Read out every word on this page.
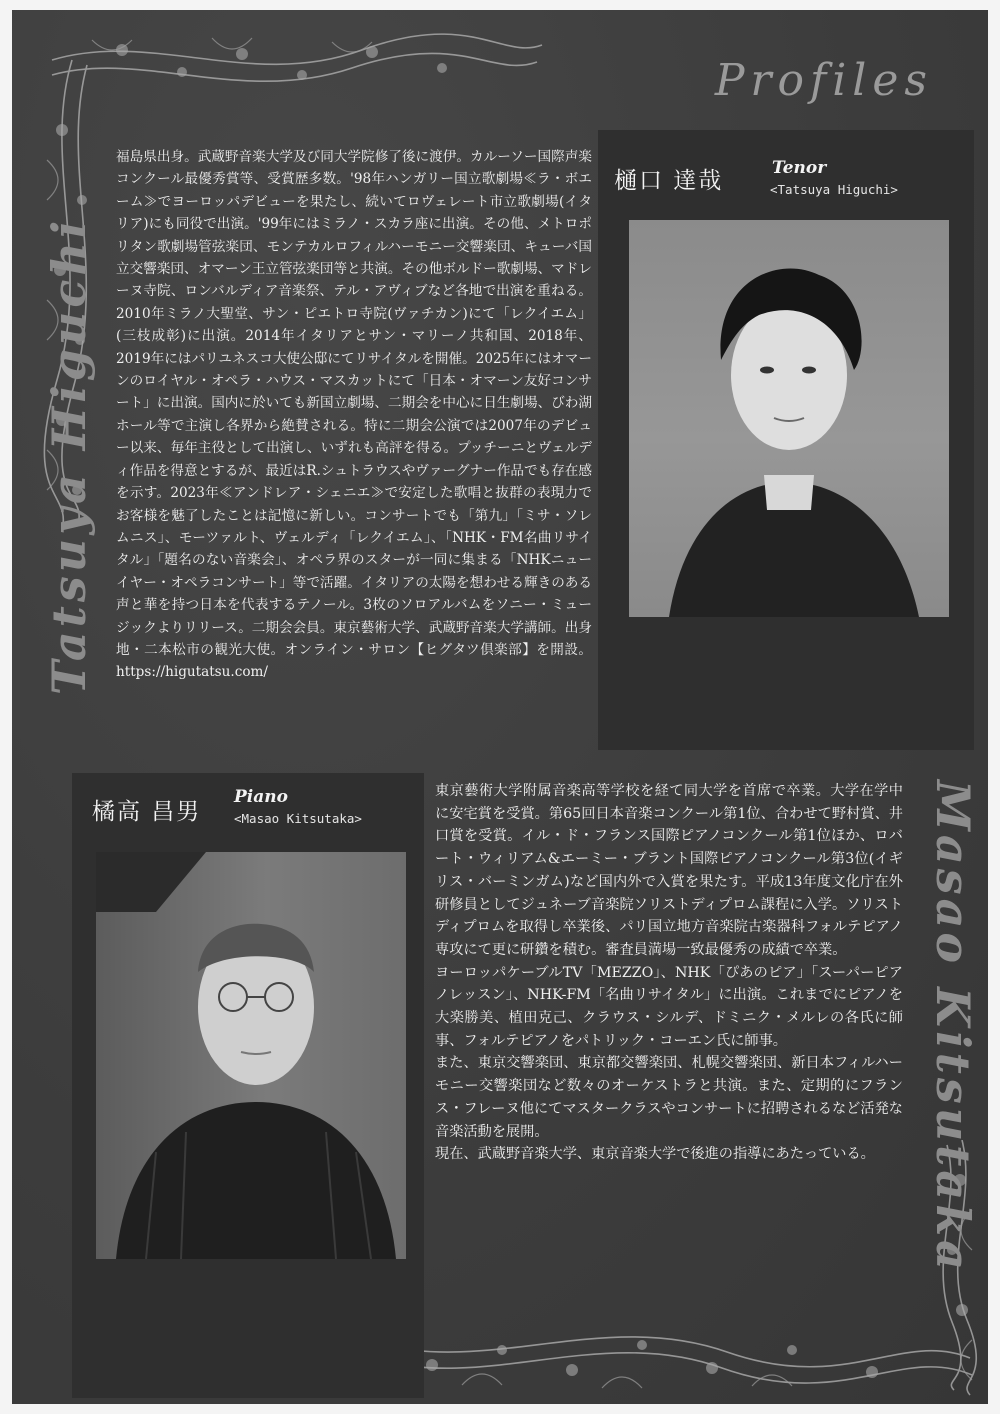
Profiles
Tatsuya Higuchi
Masao Kitsutaka

福島県出身。武蔵野音楽大学及び同大学院修了後に渡伊。カルーソー国際声楽コンクール最優秀賞等、受賞歴多数。'98年ハンガリー国立歌劇場≪ラ・ボエーム≫でヨーロッパデビューを果たし、続いてロヴェレート市立歌劇場(イタリア)にも同役で出演。'99年にはミラノ・スカラ座に出演。その他、メトロポリタン歌劇場管弦楽団、モンテカルロフィルハーモニー交響楽団、キューバ国立交響楽団、オマーン王立管弦楽団等と共演。その他ボルドー歌劇場、マドレーヌ寺院、ロンバルディア音楽祭、テル・アヴィブなど各地で出演を重ねる。2010年ミラノ大聖堂、サン・ピエトロ寺院(ヴァチカン)にて「レクイエム」(三枝成彰)に出演。2014年イタリアとサン・マリーノ共和国、2018年、2019年にはパリユネスコ大使公邸にてリサイタルを開催。2025年にはオマーンのロイヤル・オペラ・ハウス・マスカットにて「日本・オマーン友好コンサート」に出演。国内に於いても新国立劇場、二期会を中心に日生劇場、びわ湖ホール等で主演し各界から絶賛される。特に二期会公演では2007年のデビュー以来、毎年主役として出演し、いずれも高評を得る。プッチーニとヴェルディ作品を得意とするが、最近はR.シュトラウスやヴァーグナー作品でも存在感を示す。2023年≪アンドレア・シェニエ≫で安定した歌唱と抜群の表現力でお客様を魅了したことは記憶に新しい。コンサートでも「第九」「ミサ・ソレムニス」、モーツァルト、ヴェルディ「レクイエム」、「NHK・FM名曲リサイタル」「題名のない音楽会」、オペラ界のスターが一同に集まる「NHKニューイヤー・オペラコンサート」等で活躍。イタリアの太陽を想わせる輝きのある声と華を持つ日本を代表するテノール。3枚のソロアルバムをソニー・ミュージックよりリリース。二期会会員。東京藝術大学、武蔵野音楽大学講師。出身地・二本松市の観光大使。オンライン・サロン【ヒグタツ倶楽部】を開設。 https://higutatsu.com/

樋口 達哉	Tenor
<Tatsuya Higuchi>
橘高 昌男
Piano
<Masao Kitsutaka>

東京藝術大学附属音楽高等学校を経て同大学を首席で卒業。大学在学中に安宅賞を受賞。第65回日本音楽コンクール第1位、合わせて野村賞、井口賞を受賞。イル・ド・フランス国際ピアノコンクール第1位ほか、ロバート・ウィリアム&エーミー・ブラント国際ピアノコンクール第3位(イギリス・バーミンガム)など国内外で入賞を果たす。平成13年度文化庁在外研修員としてジュネーブ音楽院ソリストディプロム課程に入学。ソリストディプロムを取得し卒業後、パリ国立地方音楽院古楽器科フォルテピアノ専攻にて更に研鑽を積む。審査員満場一致最優秀の成績で卒業。
ヨーロッパケーブルTV「MEZZO」、NHK「ぴあのピア」「スーパーピアノレッスン」、NHK-FM「名曲リサイタル」に出演。これまでにピアノを大楽勝美、植田克己、クラウス・シルデ、ドミニク・メルレの各氏に師事、フォルテピアノをパトリック・コーエン氏に師事。
また、東京交響楽団、東京都交響楽団、札幌交響楽団、新日本フィルハーモニー交響楽団など数々のオーケストラと共演。また、定期的にフランス・フレーヌ他にてマスタークラスやコンサートに招聘されるなど活発な音楽活動を展開。
現在、武蔵野音楽大学、東京音楽大学で後進の指導にあたっている。
